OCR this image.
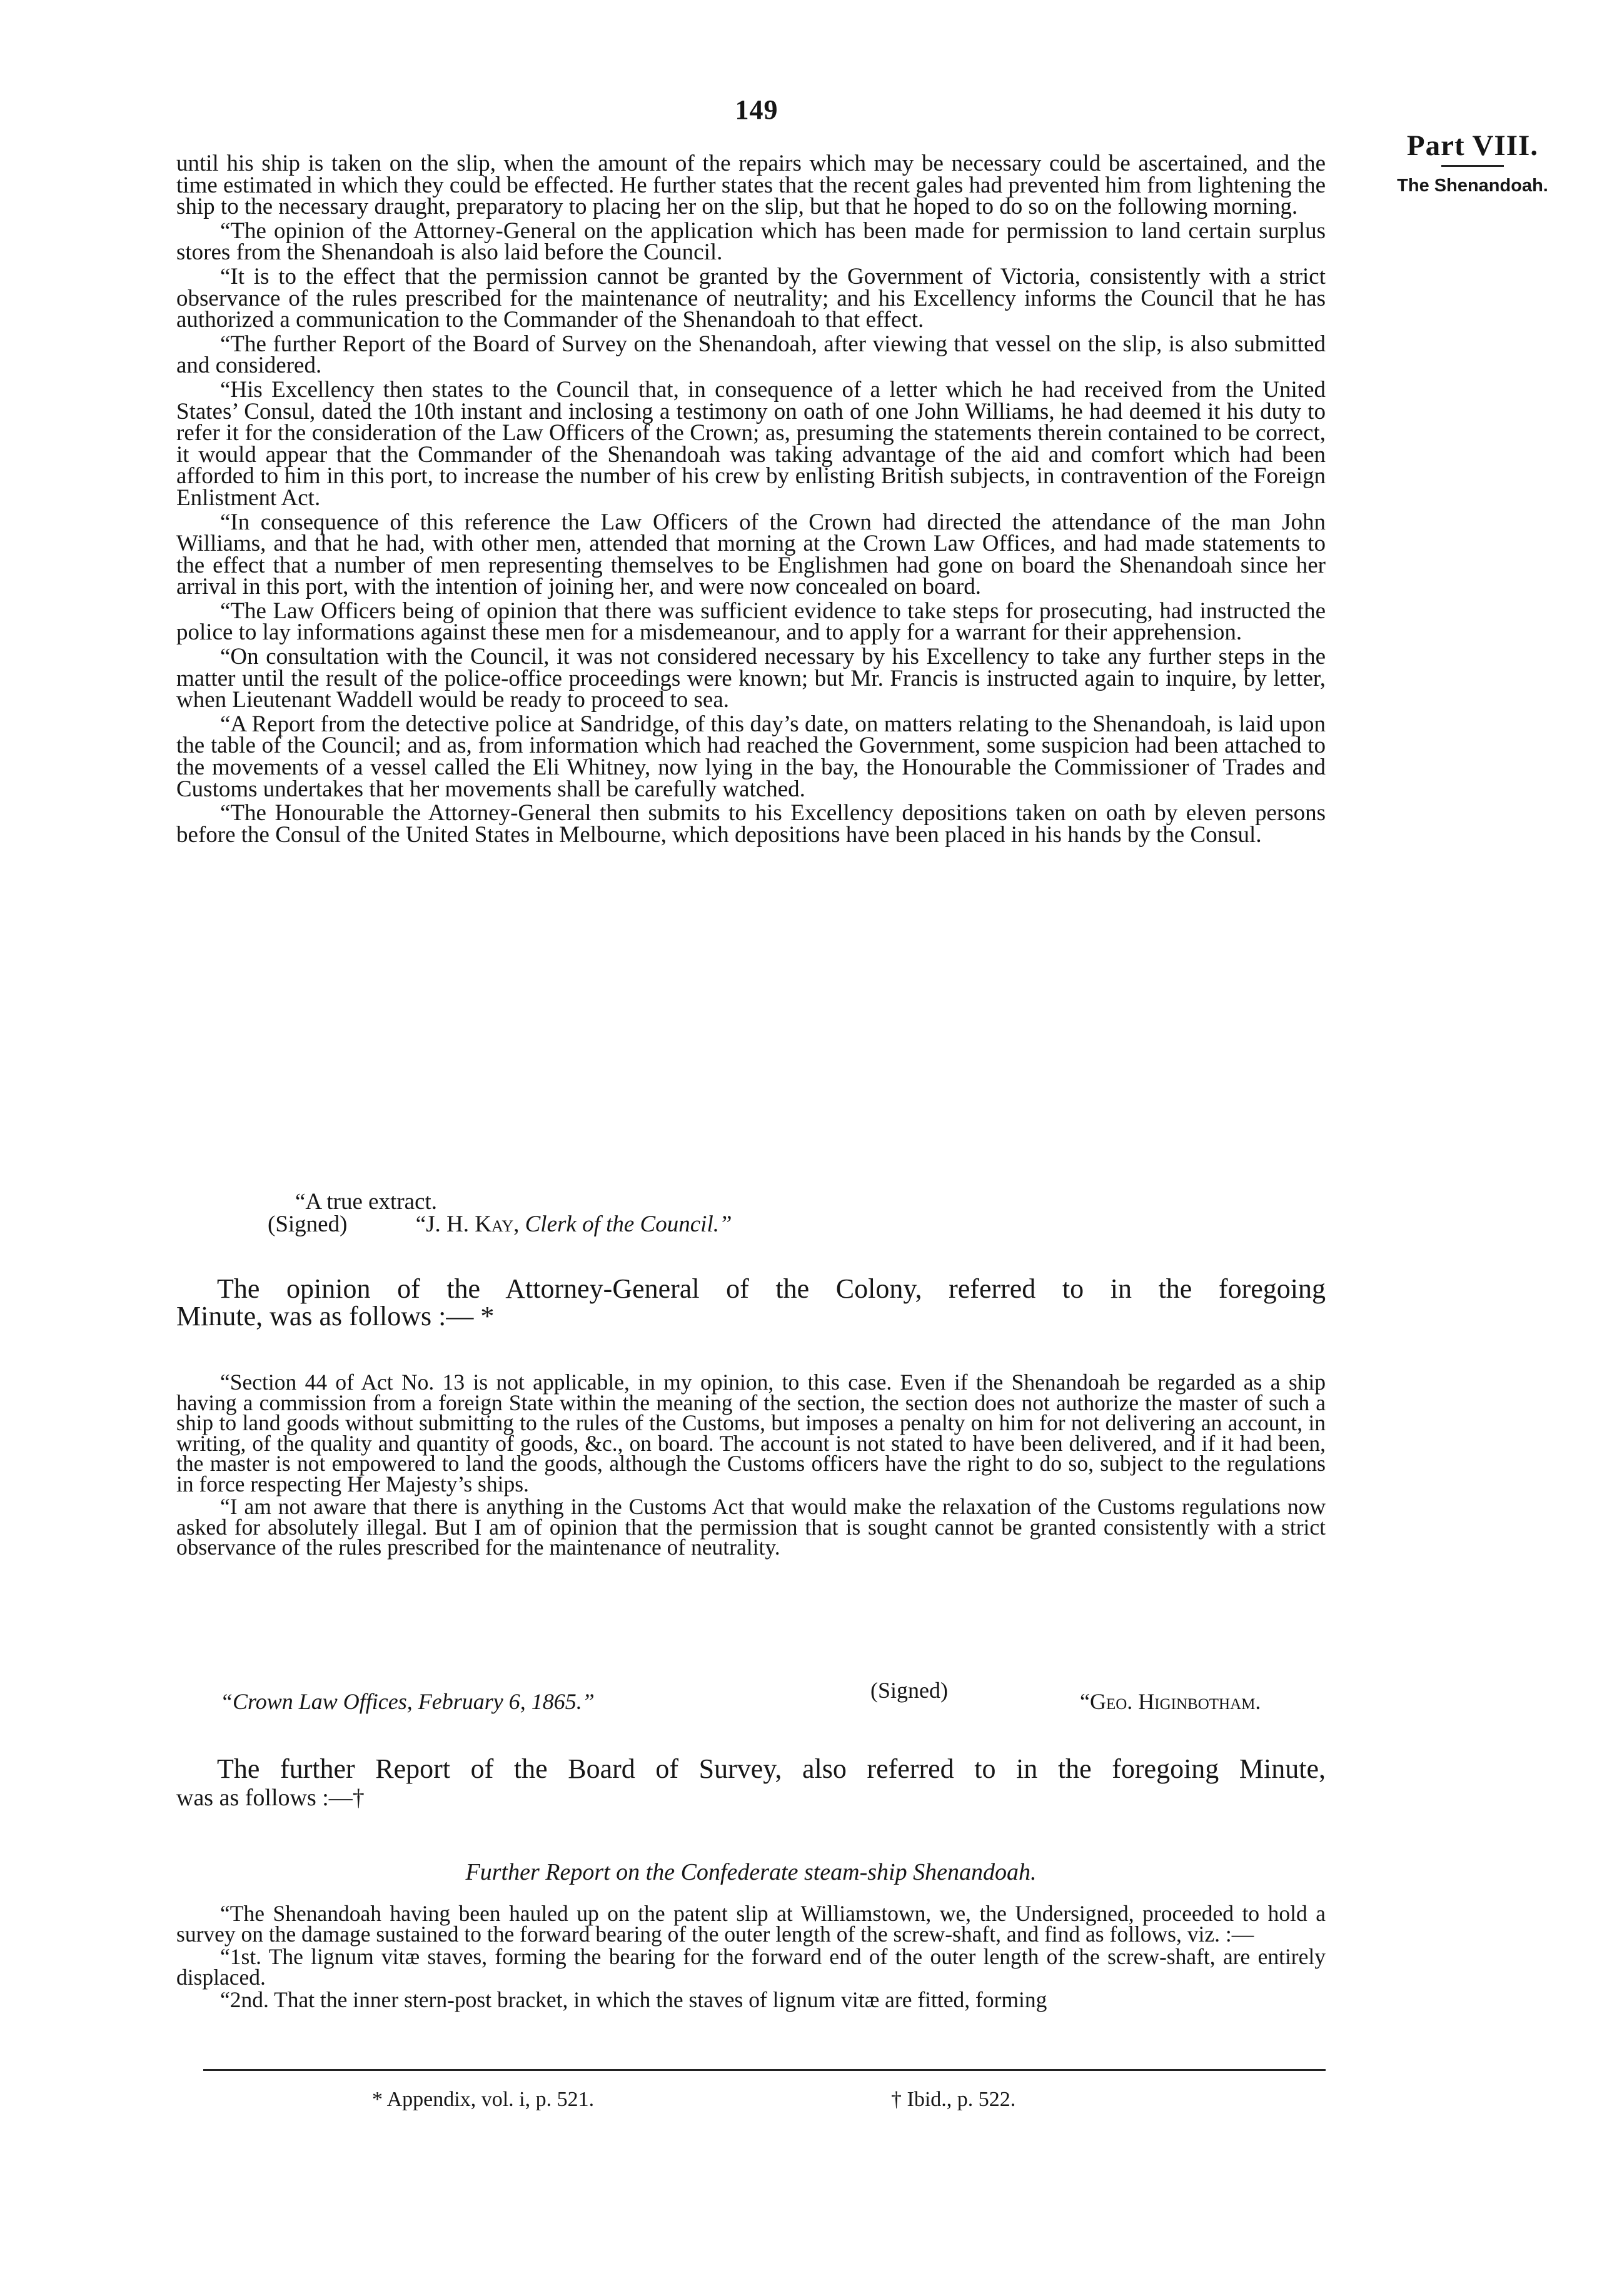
149
Part VIII.
The Shenandoah.

until his ship is taken on the slip, when the amount of the repairs which may be necessary could be ascertained, and the time estimated in which they could be effected. He further states that the recent gales had prevented him from lightening the ship to the necessary draught, preparatory to placing her on the slip, but that he hoped to do so on the following morning.

“The opinion of the Attorney-General on the application which has been made for permission to land certain surplus stores from the Shenandoah is also laid before the Council.

“It is to the effect that the permission cannot be granted by the Government of Victoria, consistently with a strict observance of the rules prescribed for the maintenance of neutrality; and his Excellency informs the Council that he has authorized a communication to the Commander of the Shenandoah to that effect.

“The further Report of the Board of Survey on the Shenandoah, after viewing that vessel on the slip, is also submitted and considered.

“His Excellency then states to the Council that, in consequence of a letter which he had received from the United States’ Consul, dated the 10th instant and inclosing a testimony on oath of one John Williams, he had deemed it his duty to refer it for the consideration of the Law Officers of the Crown; as, presuming the statements therein contained to be correct, it would appear that the Commander of the Shenandoah was taking advantage of the aid and comfort which had been afforded to him in this port, to increase the number of his crew by enlisting British subjects, in contravention of the Foreign Enlistment Act.

“In consequence of this reference the Law Officers of the Crown had directed the attendance of the man John Williams, and that he had, with other men, attended that morning at the Crown Law Offices, and had made statements to the effect that a number of men representing themselves to be Englishmen had gone on board the Shenandoah since her arrival in this port, with the intention of joining her, and were now concealed on board.

“The Law Officers being of opinion that there was sufficient evidence to take steps for prosecuting, had instructed the police to lay informations against these men for a misdemeanour, and to apply for a warrant for their apprehension.

“On consultation with the Council, it was not considered necessary by his Excellency to take any further steps in the matter until the result of the police-office proceedings were known; but Mr. Francis is instructed again to inquire, by letter, when Lieutenant Waddell would be ready to proceed to sea.

“A Report from the detective police at Sandridge, of this day’s date, on matters relating to the Shenandoah, is laid upon the table of the Council; and as, from information which had reached the Government, some suspicion had been attached to the movements of a vessel called the Eli Whitney, now lying in the bay, the Honourable the Commissioner of Trades and Customs undertakes that her movements shall be carefully watched.

“The Honourable the Attorney-General then submits to his Excellency depositions taken on oath by eleven persons before the Consul of the United States in Melbourne, which depositions have been placed in his hands by the Consul.

“A true extract.
(Signed)	“J. H. Kay, Clerk of the Council.”
The opinion of the Attorney-General of the Colony, referred to in the foregoing
Minute, was as follows :— *

“Section 44 of Act No. 13 is not applicable, in my opinion, to this case. Even if the Shenandoah be regarded as a ship having a commission from a foreign State within the meaning of the section, the section does not authorize the master of such a ship to land goods without submitting to the rules of the Customs, but imposes a penalty on him for not delivering an account, in writing, of the quality and quantity of goods, &c., on board. The account is not stated to have been delivered, and if it had been, the master is not empowered to land the goods, although the Customs officers have the right to do so, subject to the regulations in force respecting Her Majesty’s ships.

“I am not aware that there is anything in the Customs Act that would make the relaxation of the Customs regulations now asked for absolutely illegal. But I am of opinion that the permission that is sought cannot be granted consistently with a strict observance of the rules prescribed for the maintenance of neutrality.

“Crown Law Offices, February 6, 1865.”	(Signed)	“Geo. Higinbotham.
The further Report of the Board of Survey, also referred to in the foregoing Minute,
was as follows :—†
Further Report on the Confederate steam-ship Shenandoah.

“The Shenandoah having been hauled up on the patent slip at Williamstown, we, the Undersigned, proceeded to hold a survey on the damage sustained to the forward bearing of the outer length of the screw-shaft, and find as follows, viz. :—

“1st. The lignum vitæ staves, forming the bearing for the forward end of the outer length of the screw-shaft, are entirely displaced.

“2nd. That the inner stern-post bracket, in which the staves of lignum vitæ are fitted, forming

* Appendix, vol. i, p. 521.	† Ibid., p. 522.
